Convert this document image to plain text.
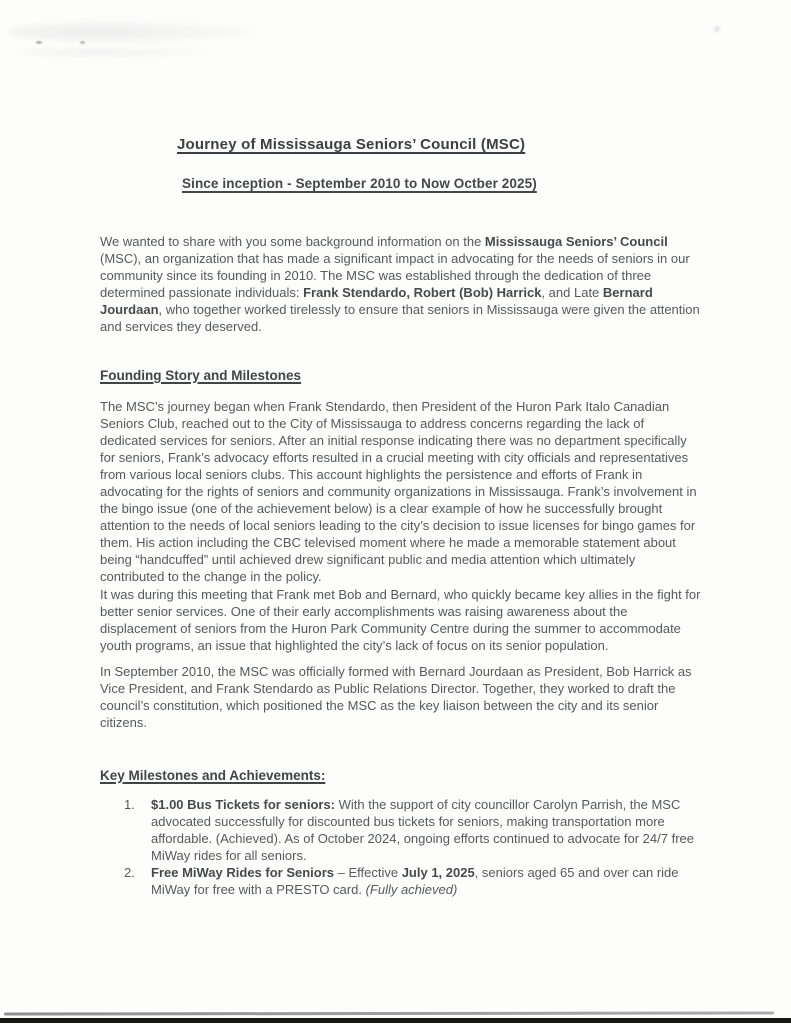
Journey of Mississauga Seniors’ Council (MSC)
Since inception - September 2010 to Now Octber 2025)

We wanted to share with you some background information on the Mississauga Seniors’ Council (MSC), an organization that has made a significant impact in advocating for the needs of seniors in our community since its founding in 2010. The MSC was established through the dedication of three determined passionate individuals: Frank Stendardo, Robert (Bob) Harrick, and Late Bernard Jourdaan, who together worked tirelessly to ensure that seniors in Mississauga were given the attention and services they deserved.

Founding Story and Milestones

The MSC’s journey began when Frank Stendardo, then President of the Huron Park Italo Canadian Seniors Club, reached out to the City of Mississauga to address concerns regarding the lack of dedicated services for seniors. After an initial response indicating there was no department specifically for seniors, Frank’s advocacy efforts resulted in a crucial meeting with city officials and representatives from various local seniors clubs. This account highlights the persistence and efforts of Frank in advocating for the rights of seniors and community organizations in Mississauga. Frank’s involvement in the bingo issue (one of the achievement below) is a clear example of how he successfully brought attention to the needs of local seniors leading to the city’s decision to issue licenses for bingo games for them. His action including the CBC televised moment where he made a memorable statement about being “handcuffed” until achieved drew significant public and media attention which ultimately contributed to the change in the policy.

It was during this meeting that Frank met Bob and Bernard, who quickly became key allies in the fight for better senior services. One of their early accomplishments was raising awareness about the displacement of seniors from the Huron Park Community Centre during the summer to accommodate youth programs, an issue that highlighted the city’s lack of focus on its senior population.

In September 2010, the MSC was officially formed with Bernard Jourdaan as President, Bob Harrick as Vice President, and Frank Stendardo as Public Relations Director. Together, they worked to draft the council’s constitution, which positioned the MSC as the key liaison between the city and its senior citizens.

Key Milestones and Achievements:
1.	$1.00 Bus Tickets for seniors: With the support of city councillor Carolyn Parrish, the MSC advocated successfully for discounted bus tickets for seniors, making transportation more affordable. (Achieved). As of October 2024, ongoing efforts continued to advocate for 24/7 free MiWay rides for all seniors.
2.	Free MiWay Rides for Seniors – Effective July 1, 2025, seniors aged 65 and over can ride MiWay for free with a PRESTO card. (Fully achieved)
